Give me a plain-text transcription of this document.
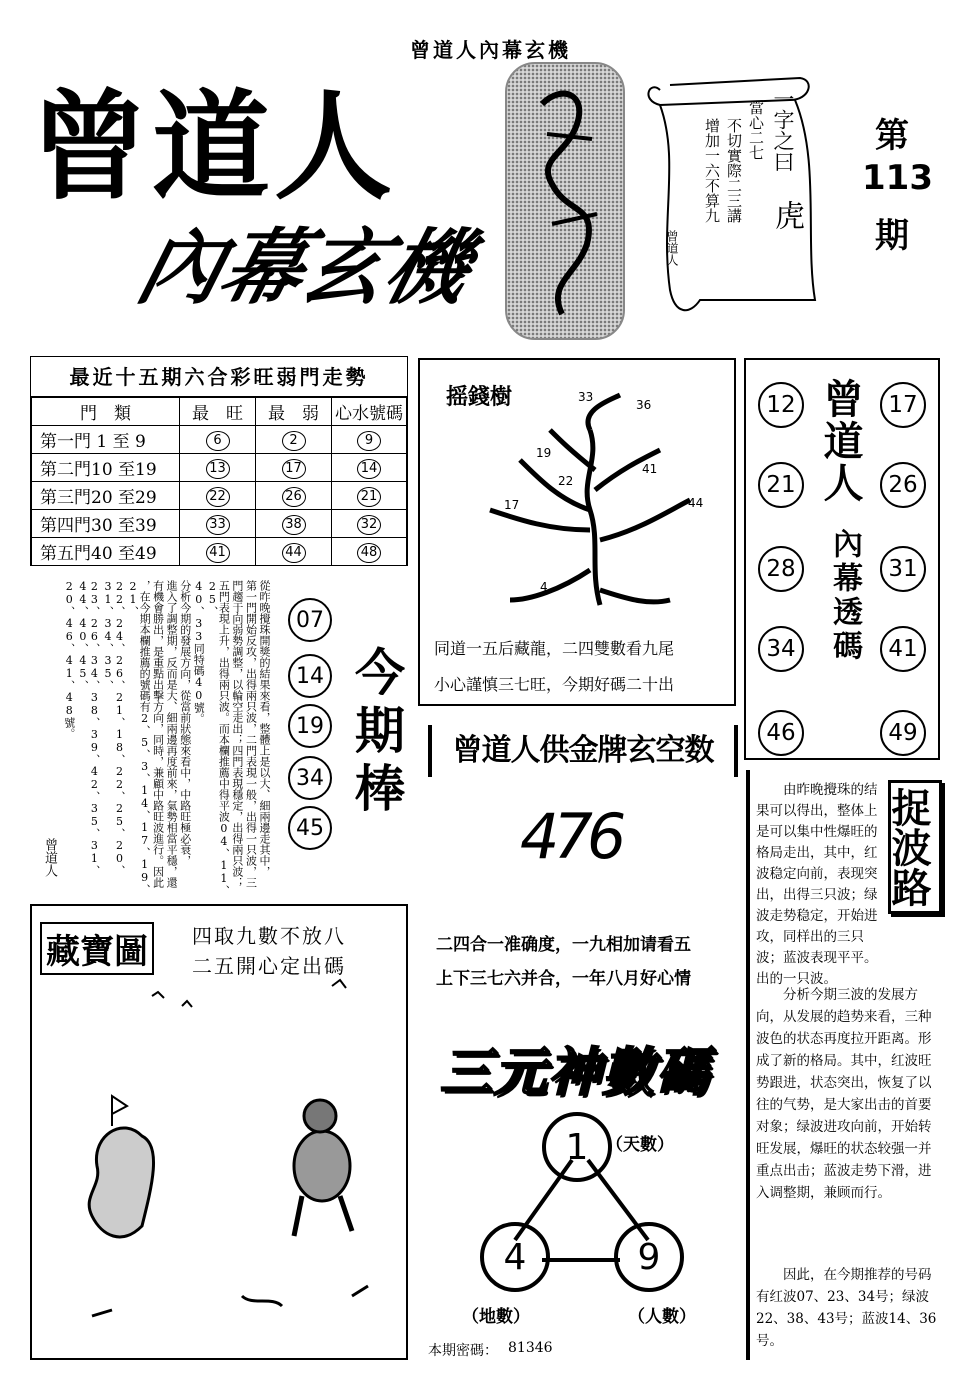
曾道人內幕玄機
曾道人
內幕玄機
一字之曰
當心二七
虎
不切實際二三講
增加一六不算九
曾道人
第
113
期
最近十五期六合彩旺弱門走勢
門　類	最　旺	最　弱	心水號碼
第一門 1 至 9	6	2	9
第二門10 至19	13	17	14
第三門20 至29	22	26	21
第四門30 至39	33	38	32
第五門40 至49	41	44	48
摇錢樹	33
36
19
22
41
17	44
4
同道一五后藏龍，二四雙數看九尾
小心謹慎三七旺，今期好碼二十出
12
21
28
34
46
17
26
31
41
49
曾道人
內幕透碼
從昨晚攪珠開獎的結果來看，整體上是以大、細兩邊走其中，
第一門開始反攻，出得兩只波，二門表現一般，出得一只波，三
門趨于向弱勢調整，以輪空走出；四門表現穩定，出得兩只波；
五門表現上升，出得兩只波。而本欄推薦中得平波04、11、25、
40、33同特碼40號。
分析今期的發展方向，從當前狀態來看中，中路旺極必衰，
進入了調整期，反而是大、細兩邊再度前來，氣勢相當平穩，還
有機會勝出，是重點出擊方向，同時，兼顧中路旺波進行。因此
，在今期本欄推薦的號碼有2、5、3、14、17、19、21、
22、24、26、21、18、22、25、20、31、34、35、
23、26、34、38、39、42、35、31、44、40、45、
20、46、41、48號。
曾道人
07
14
19
34
45
今期棒	曾道人供金牌玄空数
476
二四合一准确度，一九相加请看五
上下三七六并合，一年八月好心情
藏寶圖	四取九數不放八
二五開心定出碼
三元神數碼
1
4	9
（天數）
（地數）	（人數）
本期密碼： 81346
捉波路
由昨晚攪珠的结果可以得出，整体上是可以集中性爆旺的格局走出，其中，红波稳定向前，表现突出，出得三只波；绿波走势稳定，开始进攻，同样出的三只波；蓝波表现平平。出的一只波。
分析今期三波的发展方向，从发展的趋势来看，三种波色的状态再度拉开距离。形成了新的格局。其中，红波旺势跟进，状态突出，恢复了以往的气势，是大家出击的首要对象；绿波进攻向前，开始转旺发展，爆旺的状态较强一并重点出击；蓝波走势下滑，进入调整期，兼顾而行。
因此，在今期推荐的号码有红波07、23、34号；绿波22、38、43号；蓝波14、36号。
